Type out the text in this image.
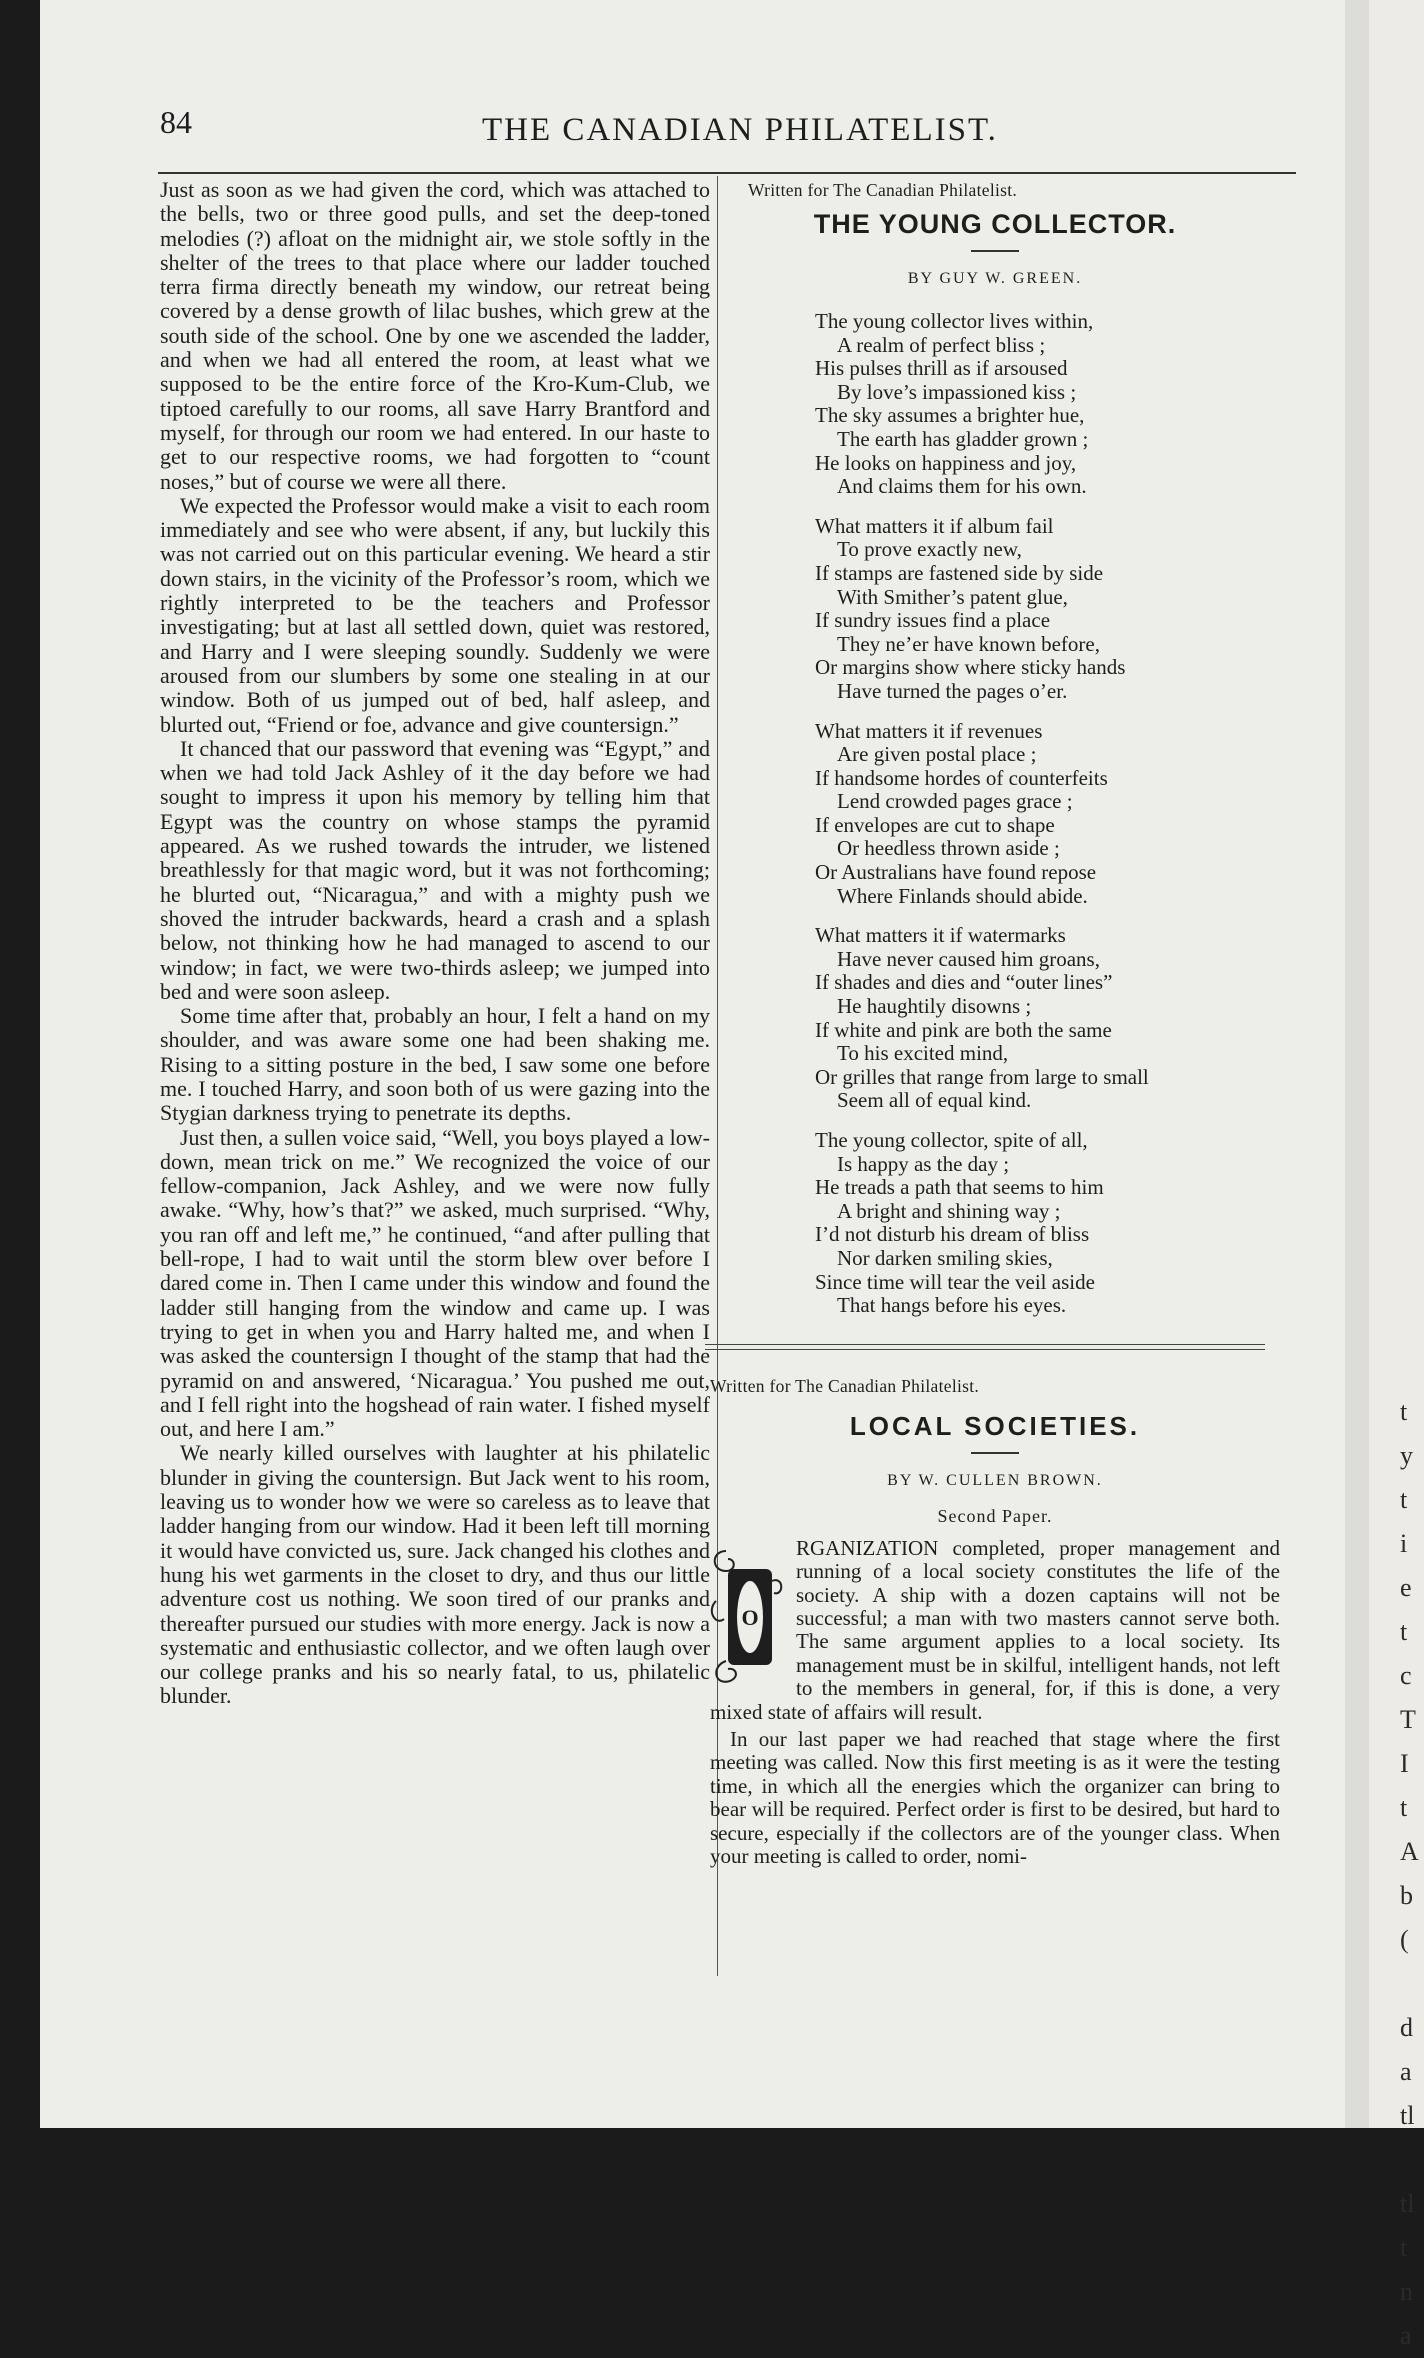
t
y
t
i
e
t
c
T
I
t
A
b
(
d
a
tl
tl
t
n
a
84	THE CANADIAN PHILATELIST.

Just as soon as we had given the cord, which was attached to the bells, two or three good pulls, and set the deep-toned melodies (?) afloat on the midnight air, we stole softly in the shelter of the trees to that place where our ladder touched terra firma directly beneath my window, our retreat being covered by a dense growth of lilac bushes, which grew at the south side of the school. One by one we ascended the ladder, and when we had all entered the room, at least what we supposed to be the entire force of the Kro-Kum-Club, we tiptoed carefully to our rooms, all save Harry Brantford and myself, for through our room we had entered. In our haste to get to our respective rooms, we had forgotten to “count noses,” but of course we were all there.

We expected the Professor would make a visit to each room immediately and see who were absent, if any, but luckily this was not carried out on this particular evening. We heard a stir down stairs, in the vicinity of the Professor’s room, which we rightly interpreted to be the teachers and Professor investigating; but at last all settled down, quiet was restored, and Harry and I were sleeping soundly. Suddenly we were aroused from our slumbers by some one stealing in at our window. Both of us jumped out of bed, half asleep, and blurted out, “Friend or foe, advance and give countersign.”

It chanced that our password that evening was “Egypt,” and when we had told Jack Ashley of it the day before we had sought to impress it upon his memory by telling him that Egypt was the country on whose stamps the pyramid appeared. As we rushed towards the intruder, we listened breathlessly for that magic word, but it was not forthcoming; he blurted out, “Nicaragua,” and with a mighty push we shoved the intruder backwards, heard a crash and a splash below, not thinking how he had managed to ascend to our window; in fact, we were two-thirds asleep; we jumped into bed and were soon asleep.

Some time after that, probably an hour, I felt a hand on my shoulder, and was aware some one had been shaking me. Rising to a sitting posture in the bed, I saw some one before me. I touched Harry, and soon both of us were gazing into the Stygian darkness trying to penetrate its depths.

Just then, a sullen voice said, “Well, you boys played a low-down, mean trick on me.” We recognized the voice of our fellow-companion, Jack Ashley, and we were now fully awake. “Why, how’s that?” we asked, much surprised. “Why, you ran off and left me,” he continued, “and after pulling that bell-rope, I had to wait until the storm blew over before I dared come in. Then I came under this window and found the ladder still hanging from the window and came up. I was trying to get in when you and Harry halted me, and when I was asked the countersign I thought of the stamp that had the pyramid on and answered, ‘Nicaragua.’ You pushed me out, and I fell right into the hogshead of rain water. I fished myself out, and here I am.”

We nearly killed ourselves with laughter at his philatelic blunder in giving the countersign. But Jack went to his room, leaving us to wonder how we were so careless as to leave that ladder hanging from our window. Had it been left till morning it would have convicted us, sure. Jack changed his clothes and hung his wet garments in the closet to dry, and thus our little adventure cost us nothing. We soon tired of our pranks and thereafter pursued our studies with more energy. Jack is now a systematic and enthusiastic collector, and we often laugh over our college pranks and his so nearly fatal, to us, philatelic blunder.

Written for The Canadian Philatelist.
THE YOUNG COLLECTOR.
BY GUY W. GREEN.
The young collector lives within,
A realm of perfect bliss ;
His pulses thrill as if arsoused
By love’s impassioned kiss ;
The sky assumes a brighter hue,
The earth has gladder grown ;
He looks on happiness and joy,
And claims them for his own.
What matters it if album fail
To prove exactly new,
If stamps are fastened side by side
With Smither’s patent glue,
If sundry issues find a place
They ne’er have known before,
Or margins show where sticky hands
Have turned the pages o’er.
What matters it if revenues
Are given postal place ;
If handsome hordes of counterfeits
Lend crowded pages grace ;
If envelopes are cut to shape
Or heedless thrown aside ;
Or Australians have found repose
Where Finlands should abide.
What matters it if watermarks
Have never caused him groans,
If shades and dies and “outer lines”
He haughtily disowns ;
If white and pink are both the same
To his excited mind,
Or grilles that range from large to small
Seem all of equal kind.
The young collector, spite of all,
Is happy as the day ;
He treads a path that seems to him
A bright and shining way ;
I’d not disturb his dream of bliss
Nor darken smiling skies,
Since time will tear the veil aside
That hangs before his eyes.
Written for The Canadian Philatelist.
LOCAL SOCIETIES.
BY W. CULLEN BROWN.
Second Paper.
O

RGANIZATION completed, proper management and running of a local society constitutes the life of the society. A ship with a dozen captains will not be successful; a man with two masters cannot serve both. The same argument applies to a local society. Its management must be in skilful, intelligent hands, not left to the members in general, for, if this is done, a very mixed state of affairs will result.

In our last paper we had reached that stage where the first meeting was called. Now this first meeting is as it were the testing time, in which all the energies which the organizer can bring to bear will be required. Perfect order is first to be desired, but hard to secure, especially if the collectors are of the younger class. When your meeting is called to order, nomi-
